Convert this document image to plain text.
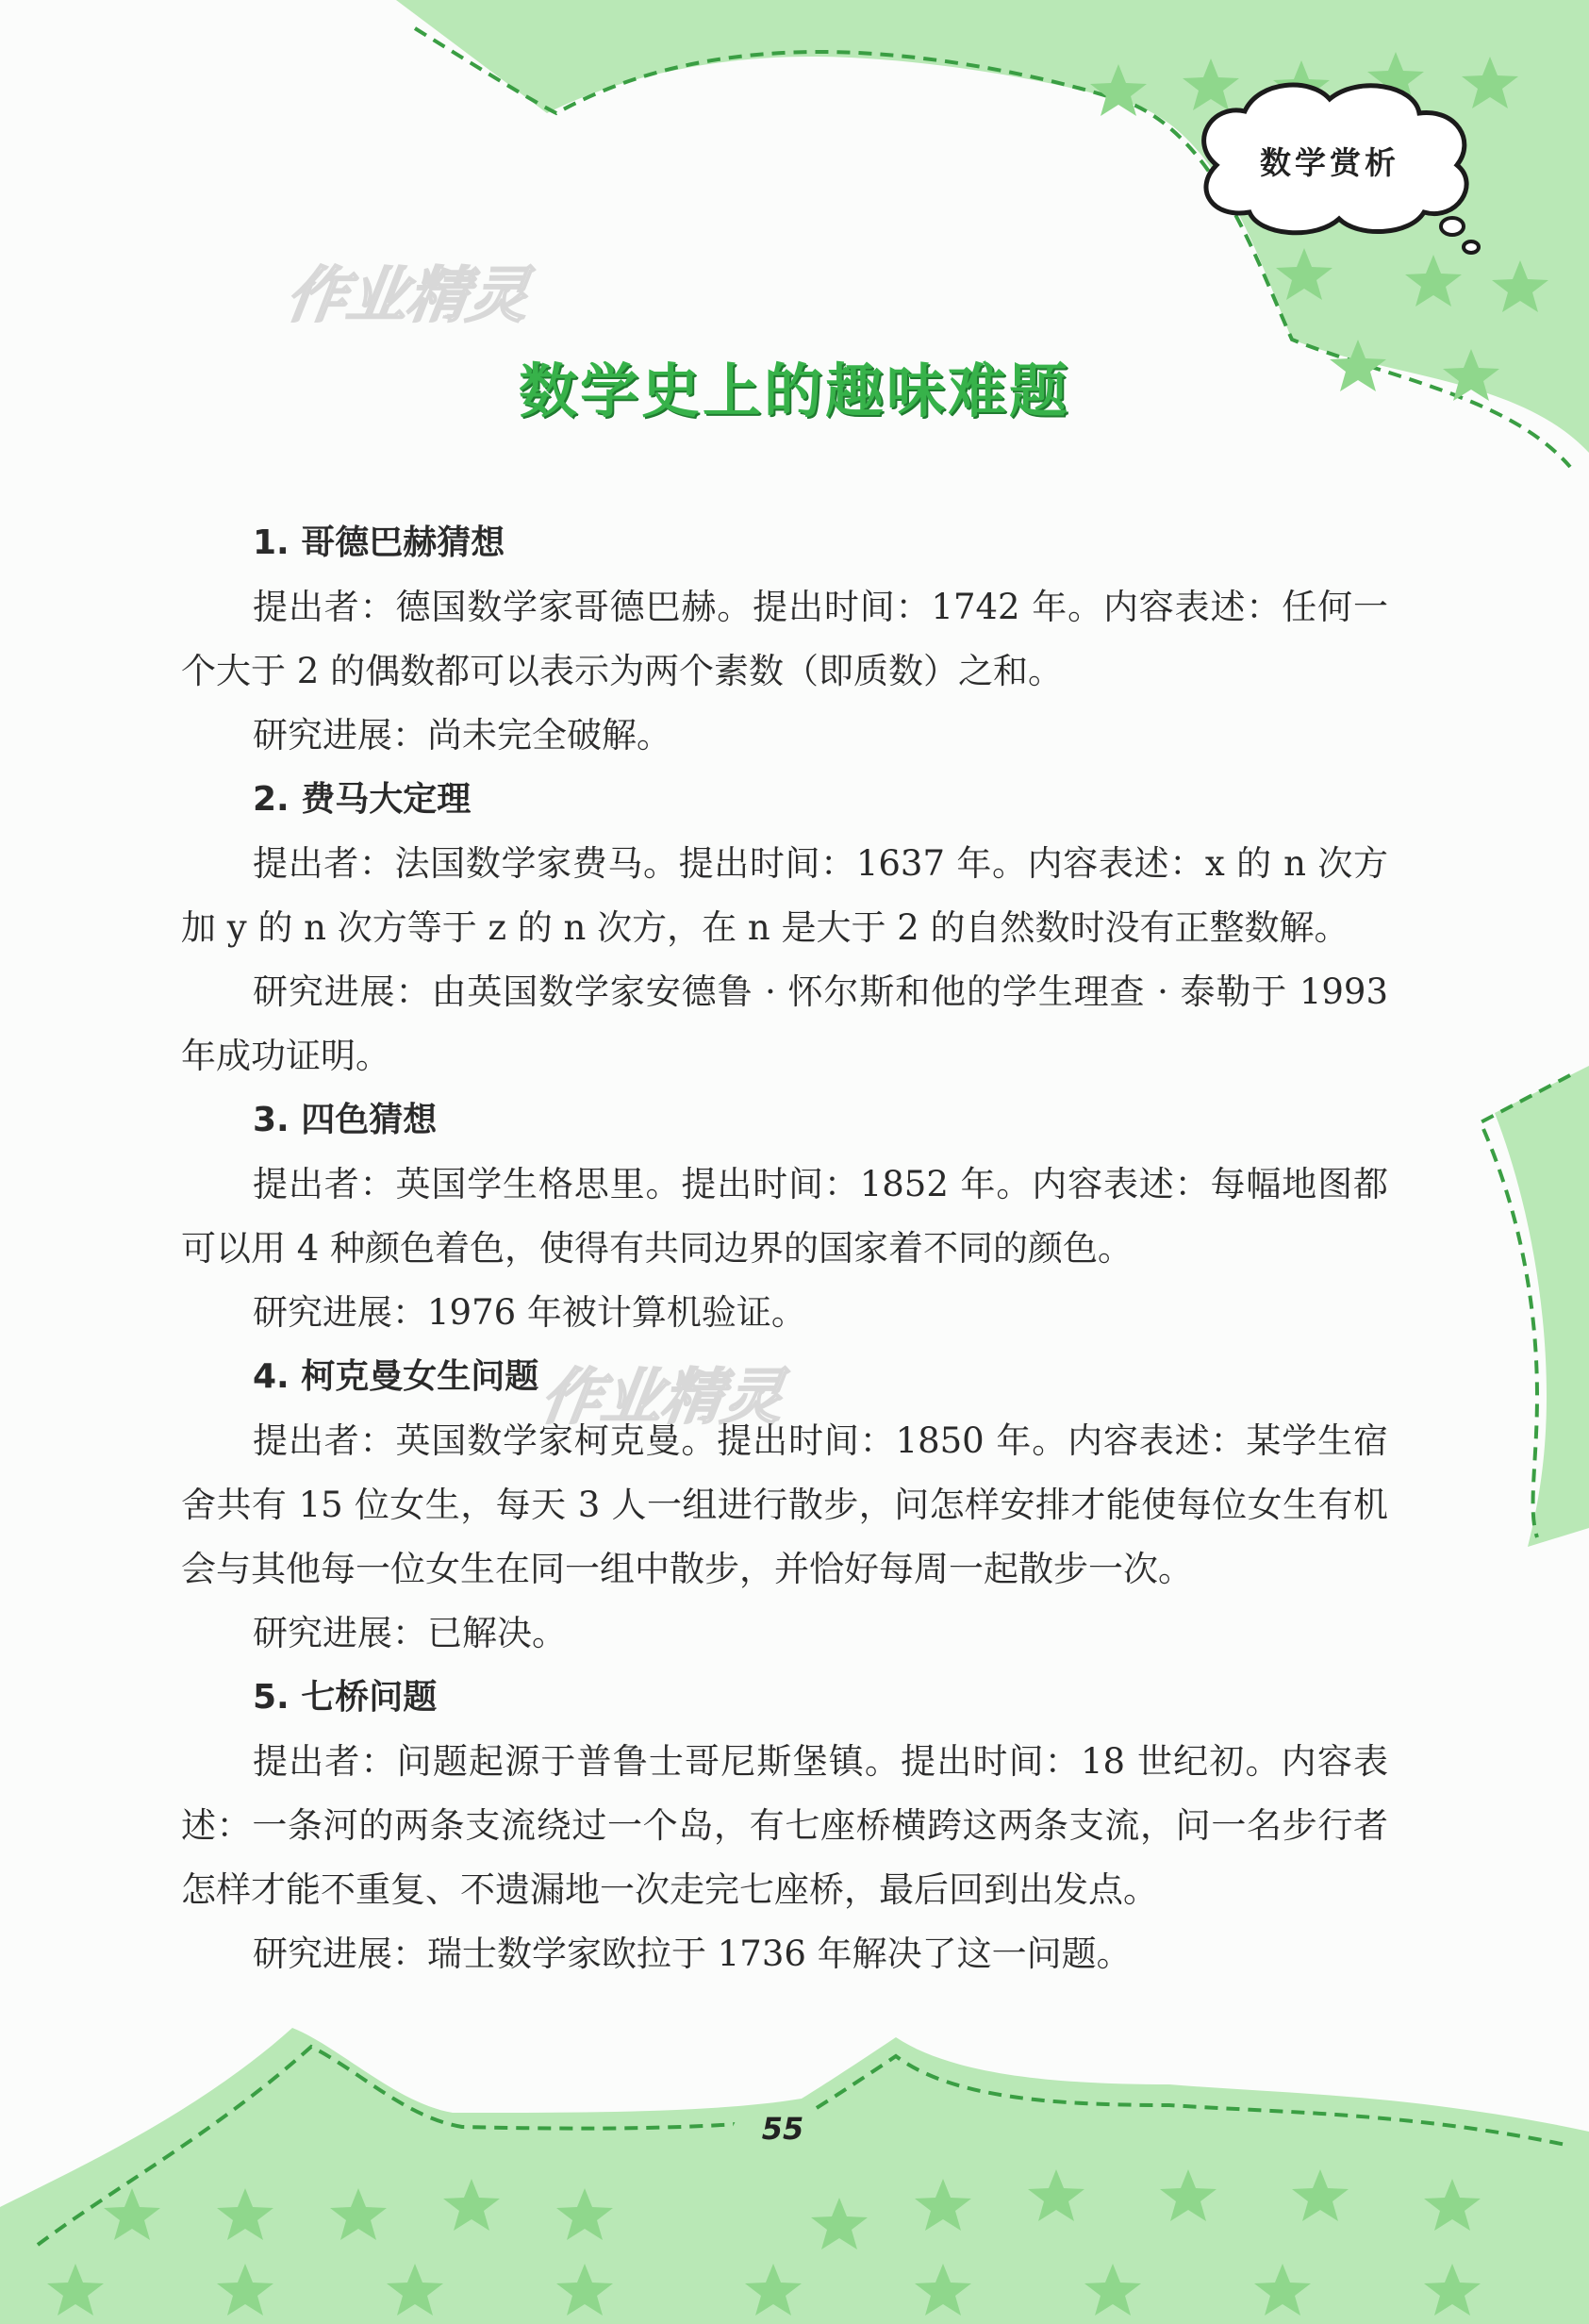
数学赏析
作业精灵
作业精灵
数学史上的趣味难题

1. 哥德巴赫猜想

提出者：德国数学家哥德巴赫。提出时间：1742 年。内容表述：任何一个大于 2 的偶数都可以表示为两个素数（即质数）之和。

研究进展：尚未完全破解。

2. 费马大定理

提出者：法国数学家费马。提出时间：1637 年。内容表述：x 的 n 次方加 y 的 n 次方等于 z 的 n 次方，在 n 是大于 2 的自然数时没有正整数解。

研究进展：由英国数学家安德鲁 · 怀尔斯和他的学生理查 · 泰勒于 1993 年成功证明。

3. 四色猜想

提出者：英国学生格思里。提出时间：1852 年。内容表述：每幅地图都可以用 4 种颜色着色，使得有共同边界的国家着不同的颜色。

研究进展：1976 年被计算机验证。

4. 柯克曼女生问题

提出者：英国数学家柯克曼。提出时间：1850 年。内容表述：某学生宿舍共有 15 位女生，每天 3 人一组进行散步，问怎样安排才能使每位女生有机会与其他每一位女生在同一组中散步，并恰好每周一起散步一次。

研究进展：已解决。

5. 七桥问题

提出者：问题起源于普鲁士哥尼斯堡镇。提出时间：18 世纪初。内容表述：一条河的两条支流绕过一个岛，有七座桥横跨这两条支流，问一名步行者怎样才能不重复、不遗漏地一次走完七座桥，最后回到出发点。

研究进展：瑞士数学家欧拉于 1736 年解决了这一问题。

55
